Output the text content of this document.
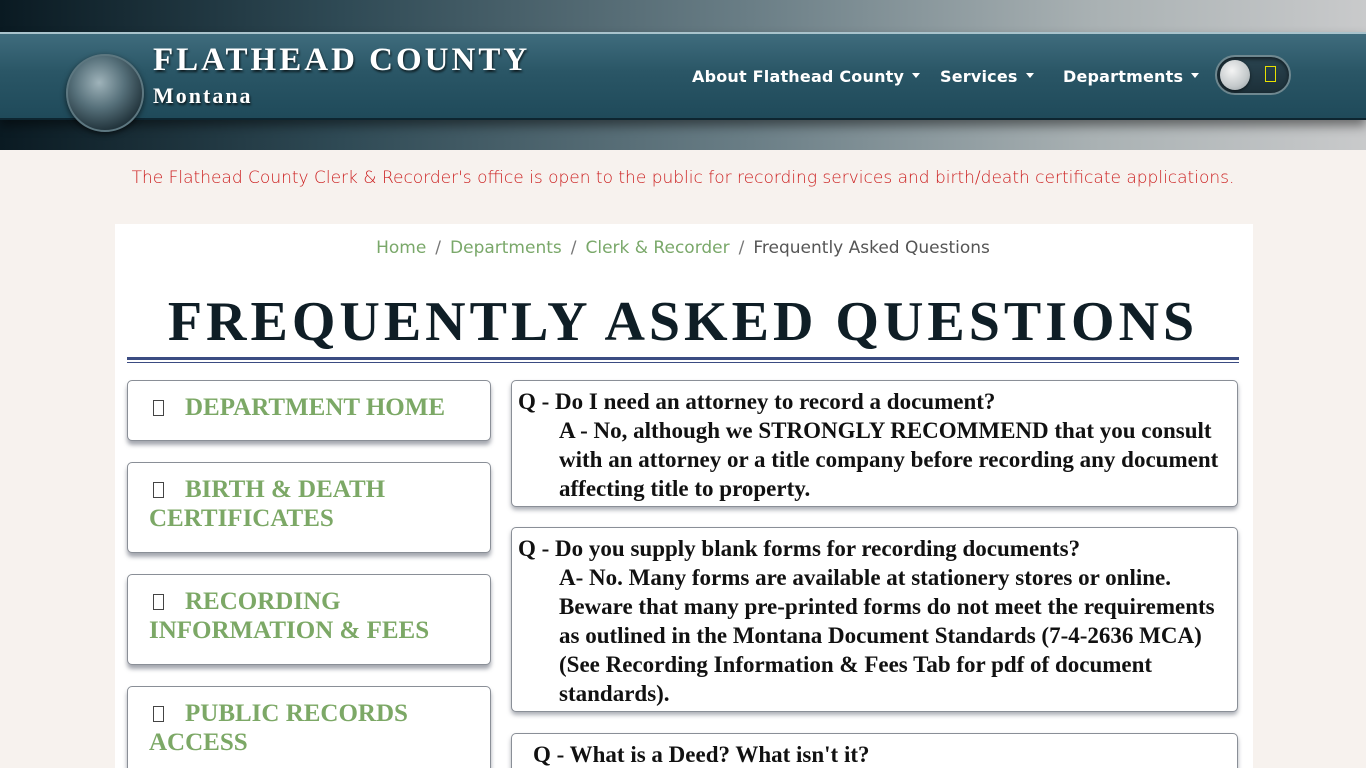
FLATHEAD COUNTY
Montana
About Flathead County	Services	Departments
The Flathead County Clerk & Recorder's office is open to the public for recording services and birth/death certificate applications.
Home / Departments / Clerk & Recorder / Frequently Asked Questions
FREQUENTLY ASKED QUESTIONS
DEPARTMENT HOME
BIRTH & DEATH CERTIFICATES
RECORDING INFORMATION & FEES
PUBLIC RECORDS ACCESS
Q - Do I need an attorney to record a document?
A - No, although we STRONGLY RECOMMEND that you consult with an attorney or a title company before recording any document affecting title to property.
Q - Do you supply blank forms for recording documents?
A- No. Many forms are available at stationery stores or online. Beware that many pre-printed forms do not meet the requirements as outlined in the Montana Document Standards (7-4-2636 MCA) (See Recording Information & Fees Tab for pdf of document standards).
Q - What is a Deed? What isn't it?
